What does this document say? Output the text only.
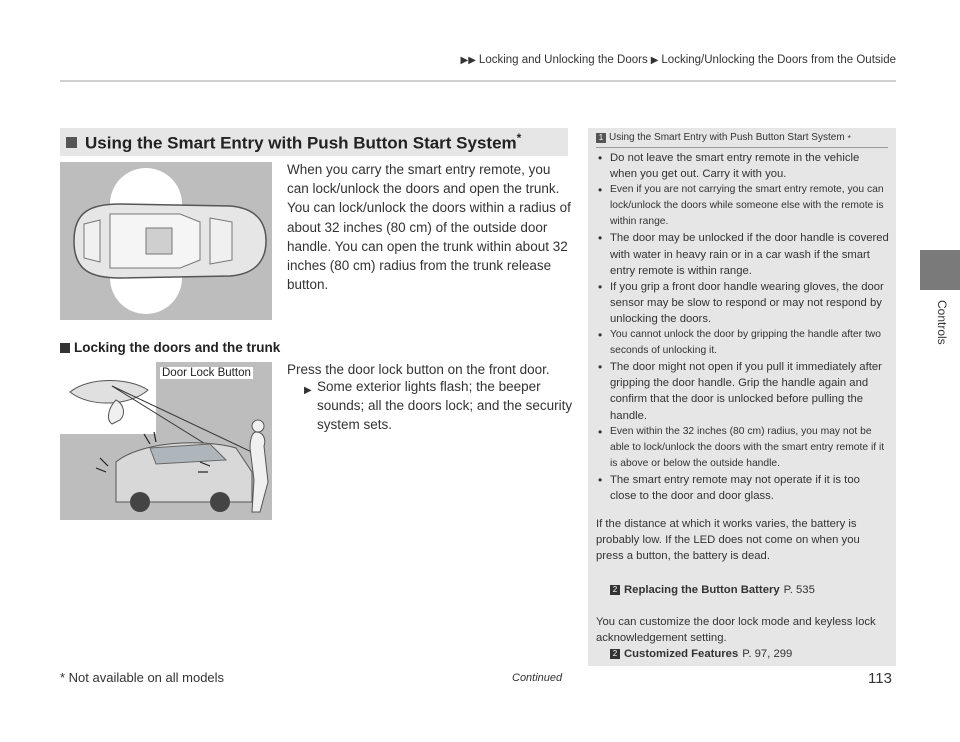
▶▶ Locking and Unlocking the Doors ▶ Locking/Unlocking the Doors from the Outside
Controls
Using the Smart Entry with Push Button Start System*
When you carry the smart entry remote, you can lock/unlock the doors and open the trunk. You can lock/unlock the doors within a radius of about 32 inches (80 cm) of the outside door handle. You can open the trunk within about 32 inches (80 cm) radius from the trunk release button.
Locking the doors and the trunk
Door Lock Button	Press the door lock button on the front door.
▶ Some exterior lights flash; the beeper sounds; all the doors lock; and the security system sets.
1 Using the Smart Entry with Push Button Start System *
• Do not leave the smart entry remote in the vehicle when you get out. Carry it with you.
• Even if you are not carrying the smart entry remote, you can lock/unlock the doors while someone else with the remote is within range.
• The door may be unlocked if the door handle is covered with water in heavy rain or in a car wash if the smart entry remote is within range.
• If you grip a front door handle wearing gloves, the door sensor may be slow to respond or may not respond by unlocking the doors.
• You cannot unlock the door by gripping the handle after two seconds of unlocking it.
• The door might not open if you pull it immediately after gripping the door handle. Grip the handle again and confirm that the door is unlocked before pulling the handle.
• Even within the 32 inches (80 cm) radius, you may not be able to lock/unlock the doors with the smart entry remote if it is above or below the outside handle.
• The smart entry remote may not operate if it is too close to the door and door glass.
If the distance at which it works varies, the battery is probably low. If the LED does not come on when you press a button, the battery is dead.
2 Replacing the Button Battery P. 535
You can customize the door lock mode and keyless lock acknowledgement setting.
2 Customized Features P. 97, 299
* Not available on all models	Continued	113
